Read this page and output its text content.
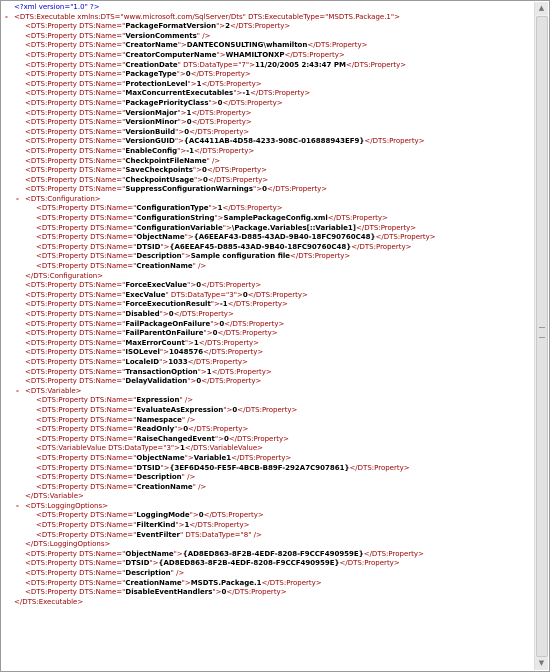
<?xml version="1.0" ?>
- <DTS:Executable xmlns:DTS="www.microsoft.com/SqlServer/Dts" DTS:ExecutableType="MSDTS.Package.1">
<DTS:Property DTS:Name="PackageFormatVersion">2</DTS:Property>
<DTS:Property DTS:Name="VersionComments" />
<DTS:Property DTS:Name="CreatorName">DANTECONSULTING\whamilton</DTS:Property>
<DTS:Property DTS:Name="CreatorComputerName">WHAMILTONXP</DTS:Property>
<DTS:Property DTS:Name="CreationDate" DTS:DataType="7">11/20/2005 2:43:47 PM</DTS:Property>
<DTS:Property DTS:Name="PackageType">0</DTS:Property>
<DTS:Property DTS:Name="ProtectionLevel">1</DTS:Property>
<DTS:Property DTS:Name="MaxConcurrentExecutables">-1</DTS:Property>
<DTS:Property DTS:Name="PackagePriorityClass">0</DTS:Property>
<DTS:Property DTS:Name="VersionMajor">1</DTS:Property>
<DTS:Property DTS:Name="VersionMinor">0</DTS:Property>
<DTS:Property DTS:Name="VersionBuild">0</DTS:Property>
<DTS:Property DTS:Name="VersionGUID">{AC4411AB-4D58-4233-908C-016888943EF9}</DTS:Property>
<DTS:Property DTS:Name="EnableConfig">-1</DTS:Property>
<DTS:Property DTS:Name="CheckpointFileName" />
<DTS:Property DTS:Name="SaveCheckpoints">0</DTS:Property>
<DTS:Property DTS:Name="CheckpointUsage">0</DTS:Property>
<DTS:Property DTS:Name="SuppressConfigurationWarnings">0</DTS:Property>
- <DTS:Configuration>
<DTS:Property DTS:Name="ConfigurationType">1</DTS:Property>
<DTS:Property DTS:Name="ConfigurationString">SamplePackageConfig.xml</DTS:Property>
<DTS:Property DTS:Name="ConfigurationVariable">\Package.Variables[::Variable1]</DTS:Property>
<DTS:Property DTS:Name="ObjectName">{A6EEAF43-D885-43AD-9B40-18FC90760C48}</DTS:Property>
<DTS:Property DTS:Name="DTSID">{A6EEAF45-D885-43AD-9B40-18FC90760C48}</DTS:Property>
<DTS:Property DTS:Name="Description">Sample configuration file</DTS:Property>
<DTS:Property DTS:Name="CreationName" />
</DTS:Configuration>
<DTS:Property DTS:Name="ForceExecValue">0</DTS:Property>
<DTS:Property DTS:Name="ExecValue" DTS:DataType="3">0</DTS:Property>
<DTS:Property DTS:Name="ForceExecutionResult">-1</DTS:Property>
<DTS:Property DTS:Name="Disabled">0</DTS:Property>
<DTS:Property DTS:Name="FailPackageOnFailure">0</DTS:Property>
<DTS:Property DTS:Name="FailParentOnFailure">0</DTS:Property>
<DTS:Property DTS:Name="MaxErrorCount">1</DTS:Property>
<DTS:Property DTS:Name="ISOLevel">1048576</DTS:Property>
<DTS:Property DTS:Name="LocaleID">1033</DTS:Property>
<DTS:Property DTS:Name="TransactionOption">1</DTS:Property>
<DTS:Property DTS:Name="DelayValidation">0</DTS:Property>
- <DTS:Variable>
<DTS:Property DTS:Name="Expression" />
<DTS:Property DTS:Name="EvaluateAsExpression">0</DTS:Property>
<DTS:Property DTS:Name="Namespace" />
<DTS:Property DTS:Name="ReadOnly">0</DTS:Property>
<DTS:Property DTS:Name="RaiseChangedEvent">0</DTS:Property>
<DTS:VariableValue DTS:DataType="3">1</DTS:VariableValue>
<DTS:Property DTS:Name="ObjectName">Variable1</DTS:Property>
<DTS:Property DTS:Name="DTSID">{3EF6D450-FE5F-4BCB-B89F-292A7C907861}</DTS:Property>
<DTS:Property DTS:Name="Description" />
<DTS:Property DTS:Name="CreationName" />
</DTS:Variable>
- <DTS:LoggingOptions>
<DTS:Property DTS:Name="LoggingMode">0</DTS:Property>
<DTS:Property DTS:Name="FilterKind">1</DTS:Property>
<DTS:Property DTS:Name="EventFilter" DTS:DataType="8" />
</DTS:LoggingOptions>
<DTS:Property DTS:Name="ObjectName">{AD8ED863-8F2B-4EDF-8208-F9CCF490959E}</DTS:Property>
<DTS:Property DTS:Name="DTSID">{AD8ED863-8F2B-4EDF-8208-F9CCF490959E}</DTS:Property>
<DTS:Property DTS:Name="Description" />
<DTS:Property DTS:Name="CreationName">MSDTS.Package.1</DTS:Property>
<DTS:Property DTS:Name="DisableEventHandlers">0</DTS:Property>
</DTS:Executable>
▲
▼
